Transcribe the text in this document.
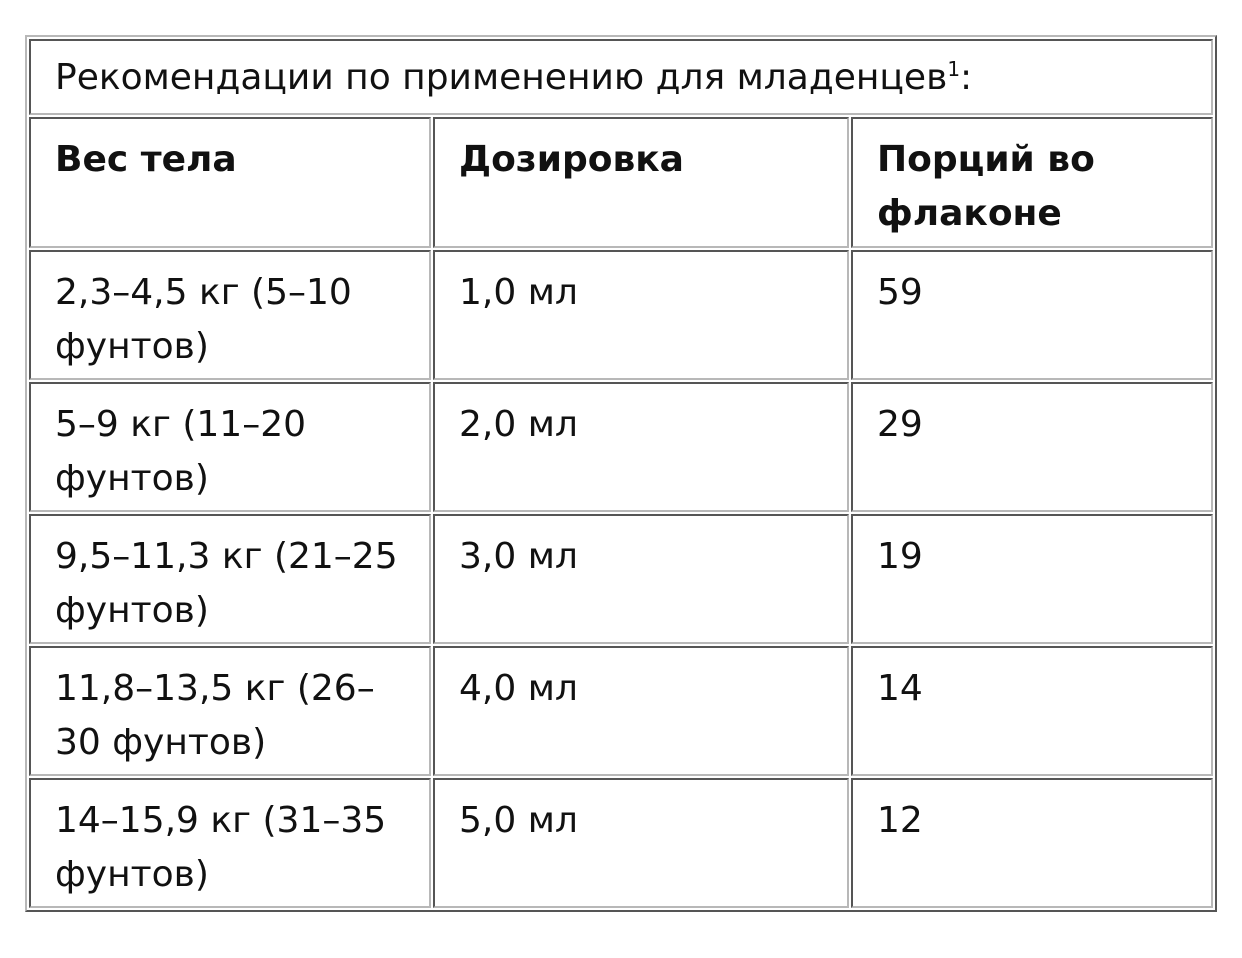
Рекомендации по применению для младенцев$^1$:		
Вес тела	Дозировка	Порций во флаконе
2,3–4,5 кг (5–10 фунтов)	1,0 мл	59
5–9 кг (11–20 фунтов)	2,0 мл	29
9,5–11,3 кг (21–25 фунтов)	3,0 мл	19
11,8–13,5 кг (26–30 фунтов)	4,0 мл	14
14–15,9 кг (31–35 фунтов)	5,0 мл	12
